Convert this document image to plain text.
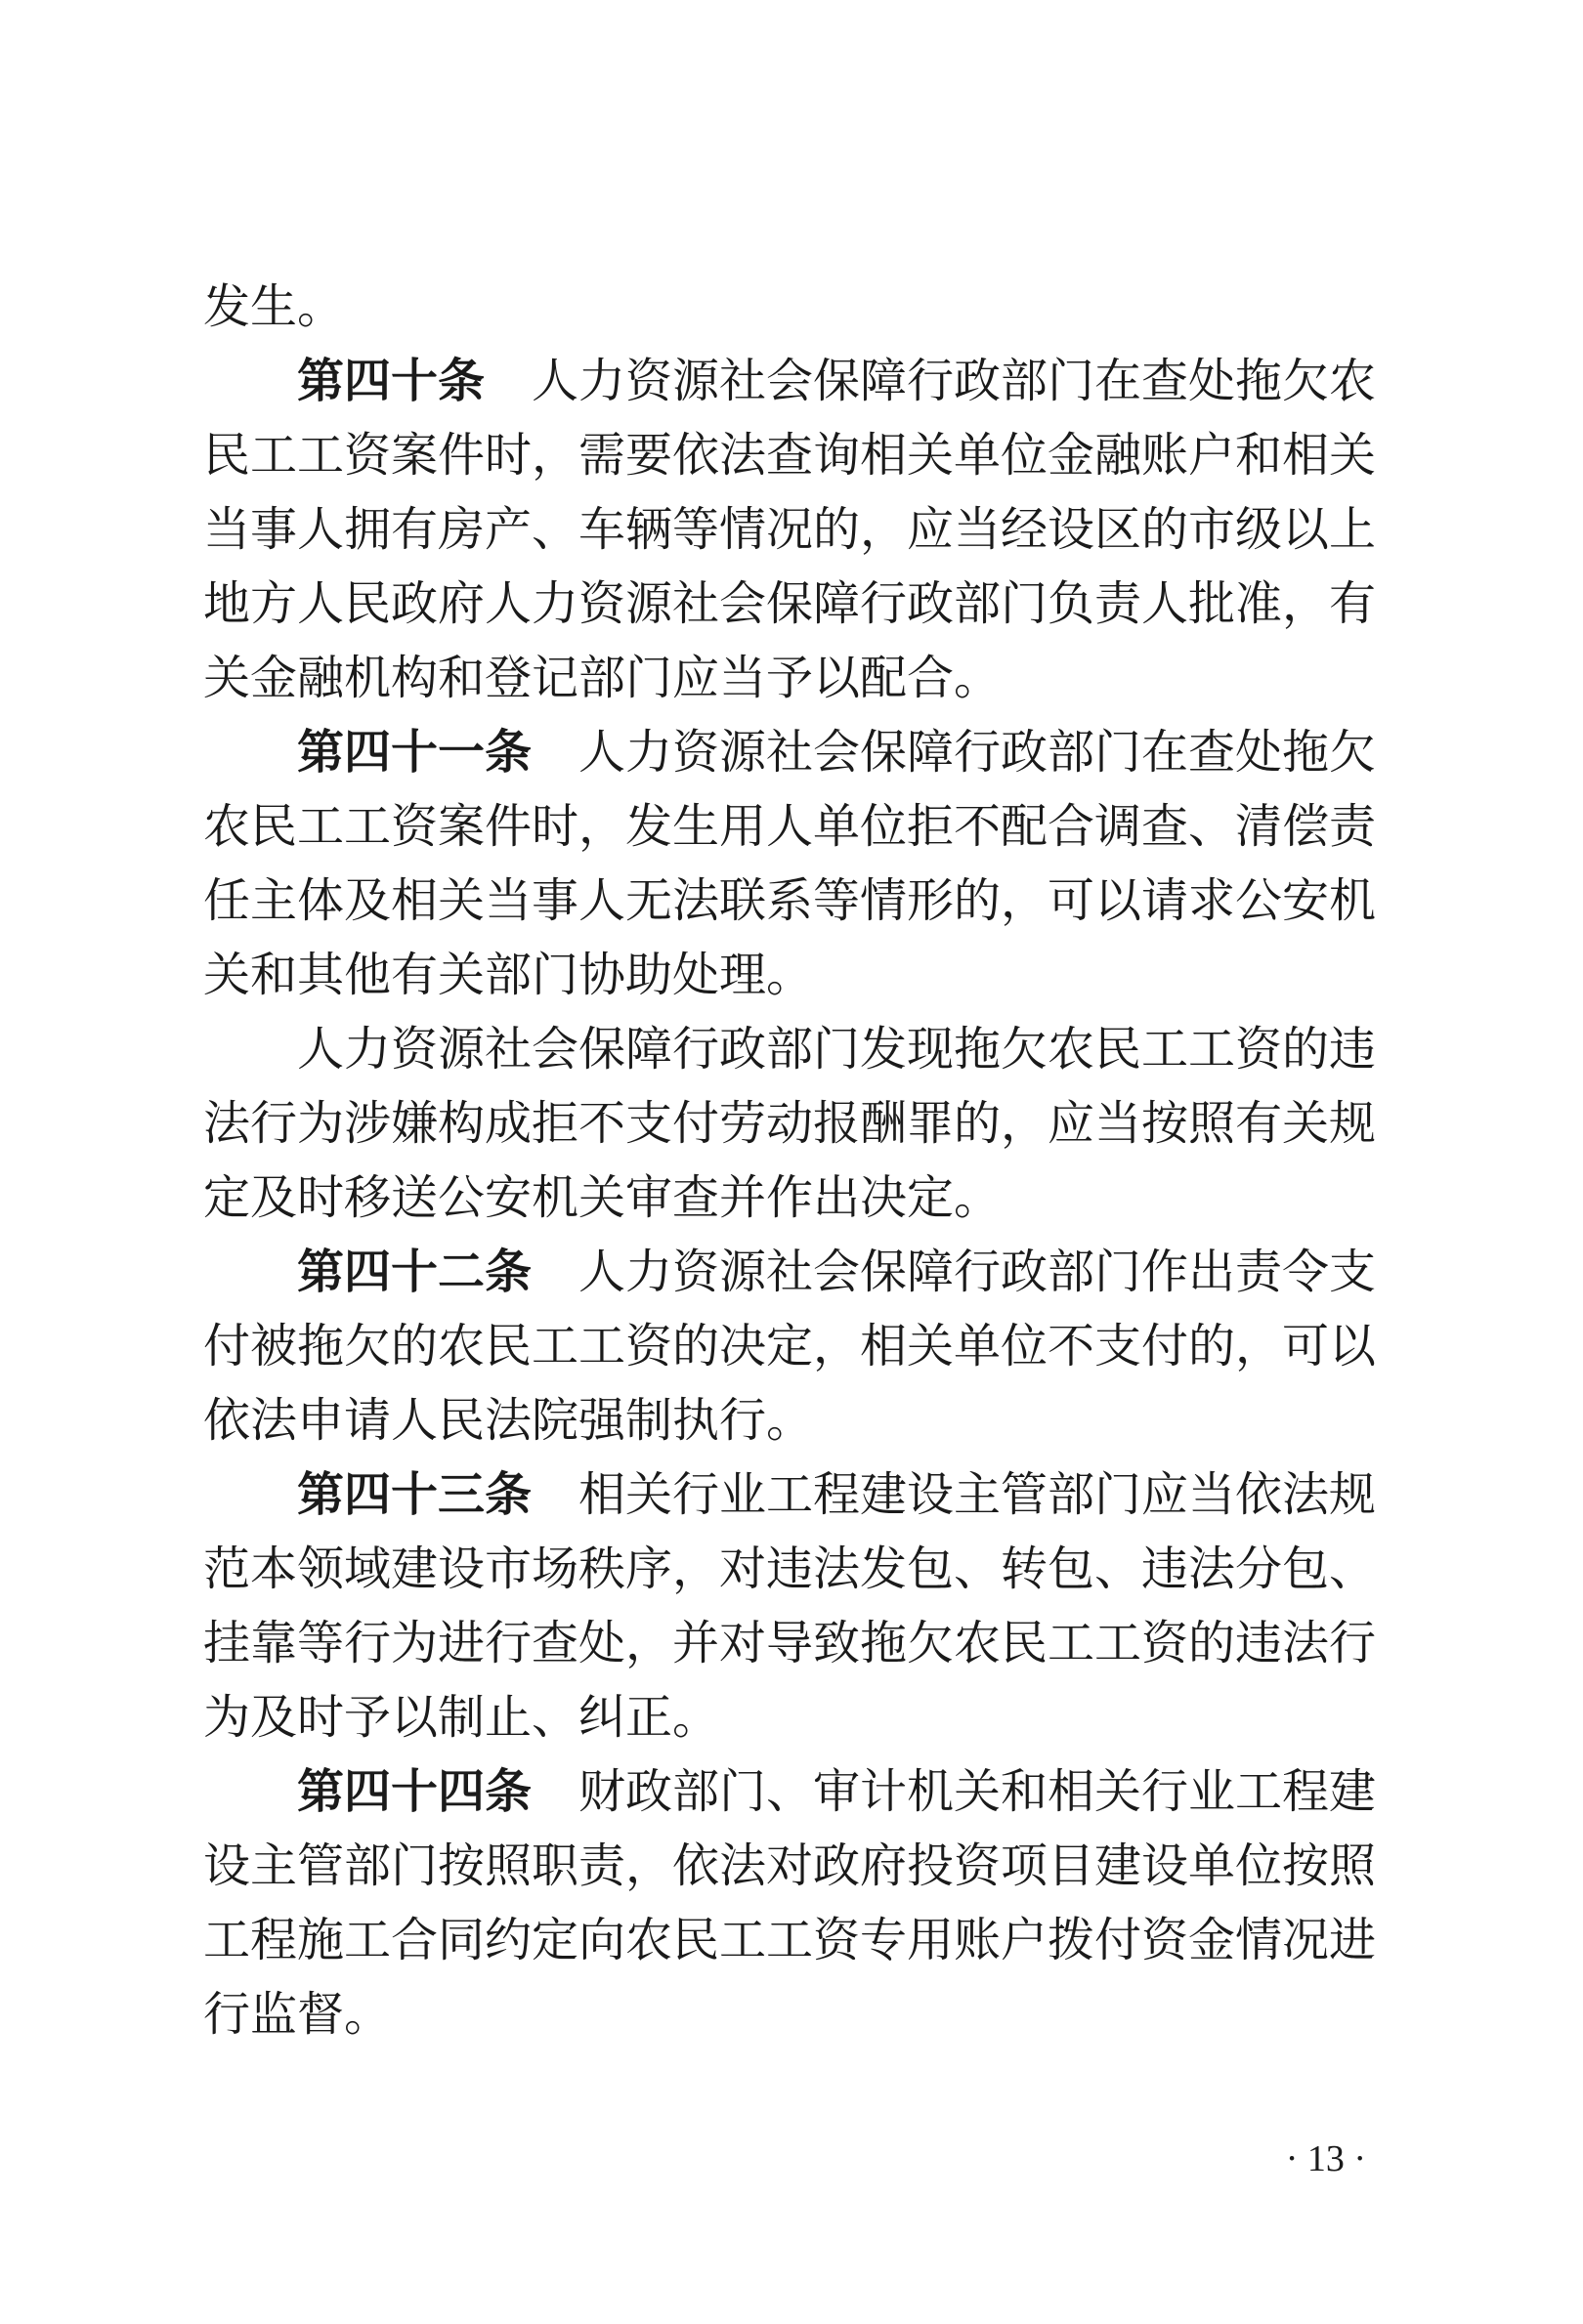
发生。
第四十条 人力资源社会保障行政部门在查处拖欠农
民工工资案件时，需要依法查询相关单位金融账户和相关
当事人拥有房产、车辆等情况的，应当经设区的市级以上
地方人民政府人力资源社会保障行政部门负责人批准，有
关金融机构和登记部门应当予以配合。
第四十一条 人力资源社会保障行政部门在查处拖欠
农民工工资案件时，发生用人单位拒不配合调查、清偿责
任主体及相关当事人无法联系等情形的，可以请求公安机
关和其他有关部门协助处理。
人力资源社会保障行政部门发现拖欠农民工工资的违
法行为涉嫌构成拒不支付劳动报酬罪的，应当按照有关规
定及时移送公安机关审查并作出决定。
第四十二条 人力资源社会保障行政部门作出责令支
付被拖欠的农民工工资的决定，相关单位不支付的，可以
依法申请人民法院强制执行。
第四十三条 相关行业工程建设主管部门应当依法规
范本领域建设市场秩序，对违法发包、转包、违法分包、
挂靠等行为进行查处，并对导致拖欠农民工工资的违法行
为及时予以制止、纠正。
第四十四条 财政部门、审计机关和相关行业工程建
设主管部门按照职责，依法对政府投资项目建设单位按照
工程施工合同约定向农民工工资专用账户拨付资金情况进
行监督。
· 13 ·
